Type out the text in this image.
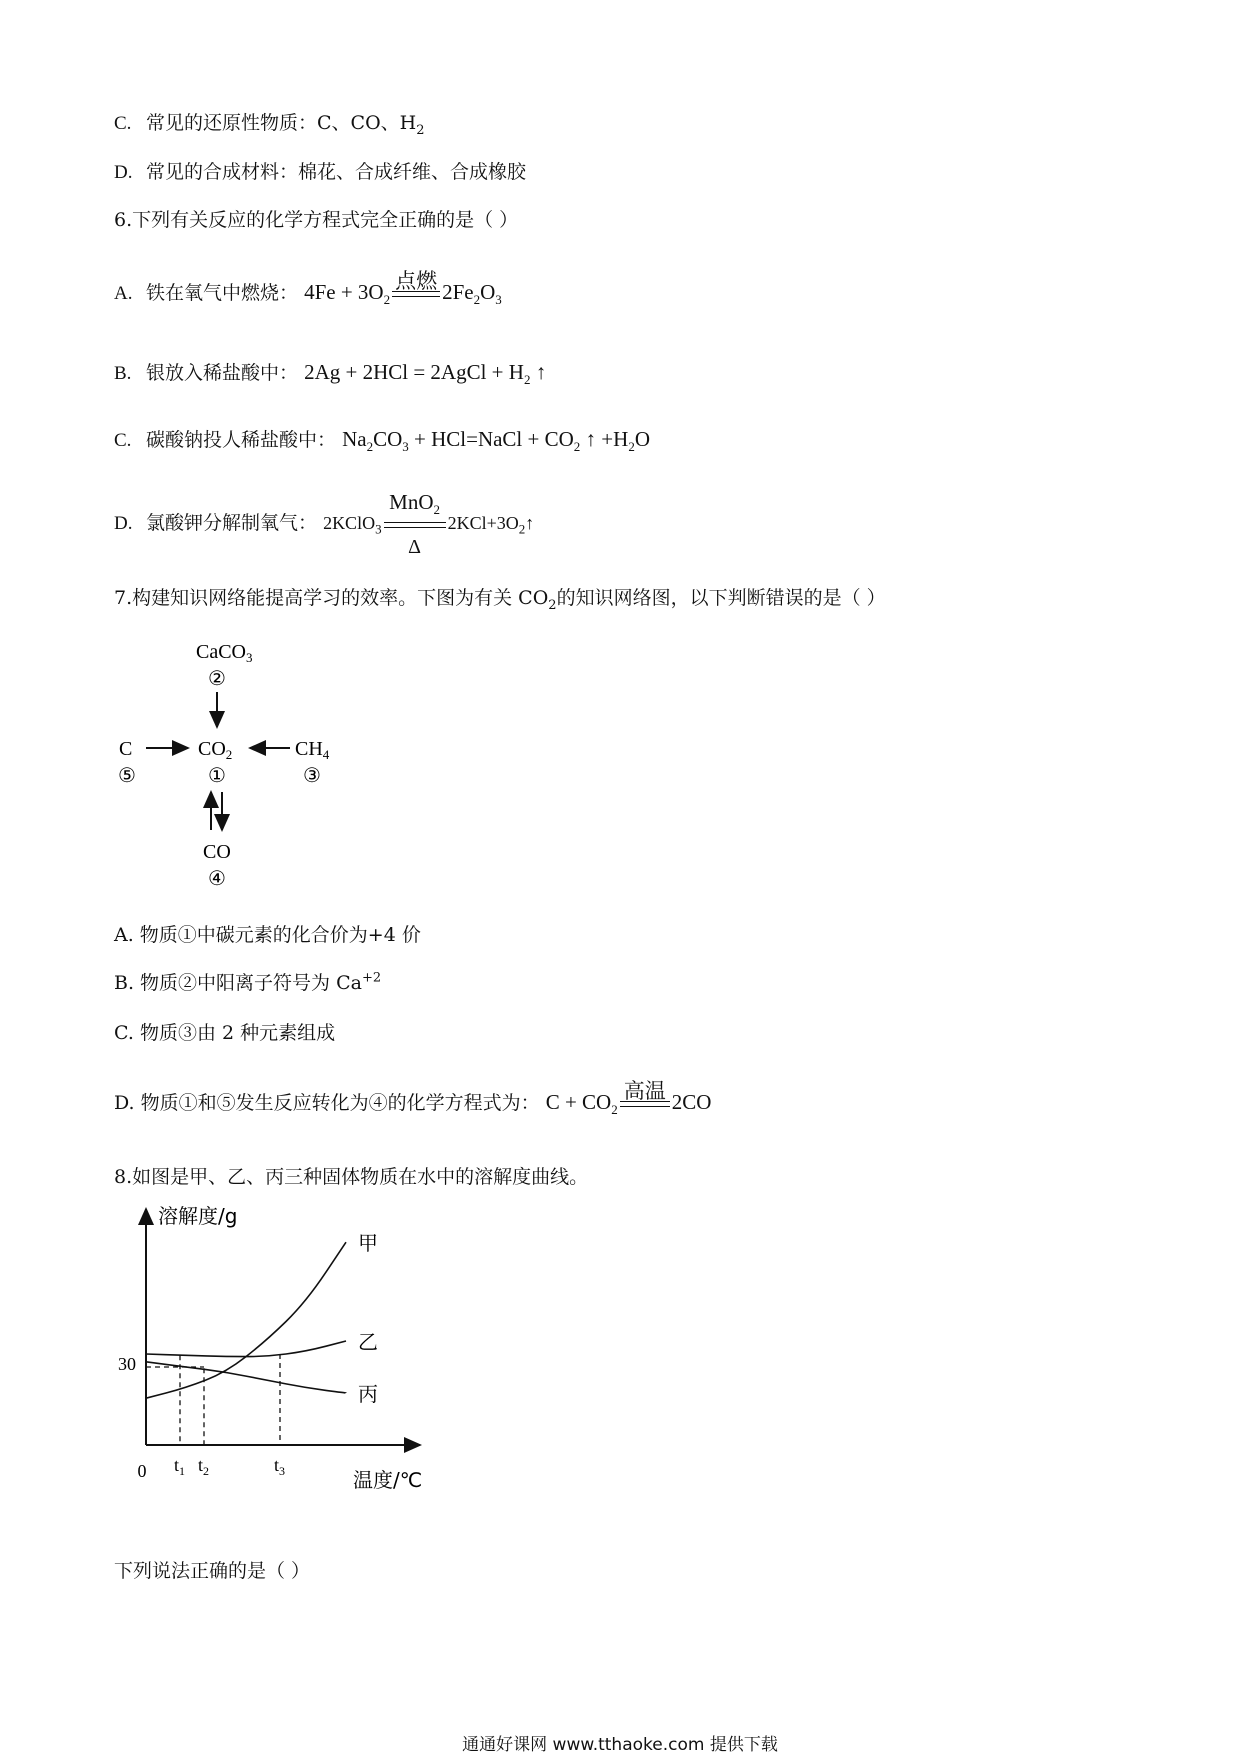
C. 常见的还原性物质：C、CO、$H_2$
D. 常见的合成材料：棉花、合成纤维、合成橡胶
6.下列有关反应的化学方程式完全正确的是（ ）
A. 铁在氧气中燃烧： $4Fe + 3O_2$
点燃 $2Fe_2O_3$
B. 银放入稀盐酸中： 2Ag + 2HCl = 2AgCl + $H_2$ ↑
C. 碳酸钠投人稀盐酸中： $Na_2CO_3$ + HCl=NaCl + $CO_2$ ↑ $+H_2O$
D. 氯酸钾分解制氧气： 2KClO$_3$
MnO$_2$
Δ
$2KCl+3O_2↑$
7.构建知识网络能提高学习的效率。下图为有关 $CO_2$的知识网络图，以下判断错误的是（ ）
CaCO$_3$
②
C
⑤
$CO_2$
①
$CH_4$
③
CO
④
A. 物质①中碳元素的化合价为+4 价
B. 物质②中阳离子符号为 $Ca^{+2}$
C. 物质③由 2 种元素组成
D. 物质①和⑤发生反应转化为④的化学方程式为： $C + CO_2$
高温 2CO
8.如图是甲、乙、丙三种固体物质在水中的溶解度曲线。
溶解度/g
温度/℃
0
30
$t_1$ $t_2$	$t_3$
甲
乙
丙
下列说法正确的是（ ）
通通好课网 www.tthaoke.com 提供下载
